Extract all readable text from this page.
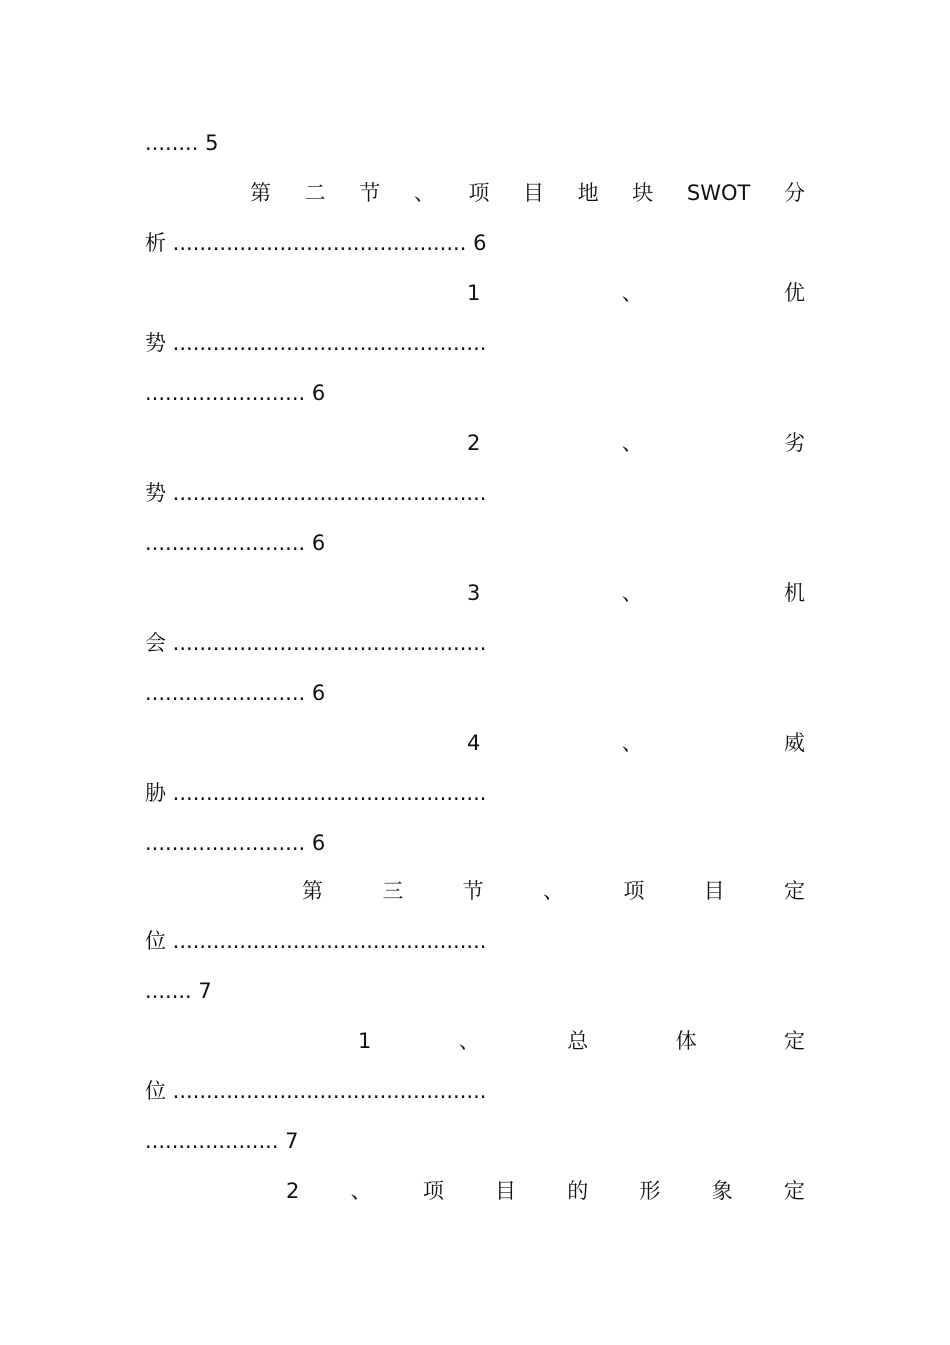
........ 5
第 二 节 、 项 目 地 块 SWOT 分
析 ............................................ 6
1	、	优
势 ...............................................
........................ 6
2	、	劣
势 ...............................................
........................ 6
3	、	机
会 ...............................................
........................ 6
4	、	威
胁 ...............................................
........................ 6
第	三	节	、	项	目	定
位 ...............................................
....... 7
1	、	总	体	定
位 ...............................................
.................... 7
2 、 项 目 的 形 象 定
